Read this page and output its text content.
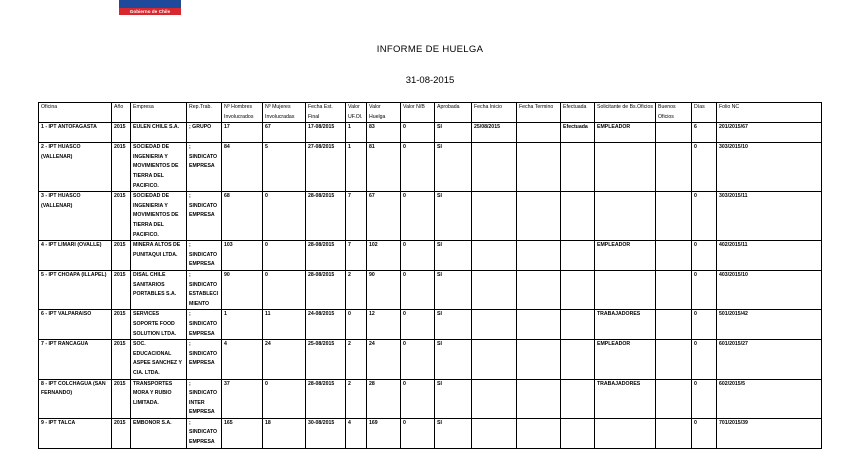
Gobierno de Chile
INFORME DE HUELGA
31-08-2015
Oficina	Año	Empresa	Rep.Trab.	Nº Hombres Involucrados	Nº Mujeres Involucradas	Fecha Est. Final	Valor UF.Ol.	Valor Huelga	Valor N/B	Aprobada	Fecha Inicio	Fecha Termino	Efectuada	Solicitante de Bs.Oficios	Buenos Oficios	Días	Folio NC
1 - IPT ANTOFAGASTA	2015	EULEN CHILE S.A.	; GRUPO	17	67	17-08/2015	1	83	0	SI	25/08/2015		Efectuada	EMPLEADOR		6	201/2015/67
2 - IPT HUASCO (VALLENAR)	2015	SOCIEDAD DE INGENIERIA Y MOVIMIENTOS DE TIERRA DEL PACIFICO.	; SINDICATO EMPRESA	84	5	27-08/2015	1	81	0	SI						0	303/2015/10
3 - IPT HUASCO (VALLENAR)	2015	SOCIEDAD DE INGENIERIA Y MOVIMIENTOS DE TIERRA DEL PACIFICO.	; SINDICATO EMPRESA	68	0	28-08/2015	7	67	0	SI						0	303/2015/11
4 - IPT LIMARI (OVALLE)	2015	MINERA ALTOS DE PUNITAQUI LTDA.	; SINDICATO EMPRESA	103	0	28-08/2015	7	102	0	SI				EMPLEADOR		0	402/2015/11
5 - IPT CHOAPA (ILLAPEL)	2015	DISAL CHILE SANITARIOS PORTABLES S.A.	; SINDICATO ESTABLECIMIENTO	90	0	28-08/2015	2	90	0	SI						0	403/2015/10
6 - IPT VALPARAISO	2015	SERVICES SOPORTE FOOD SOLUTION LTDA.	; SINDICATO EMPRESA	1	11	24-08/2015	0	12	0	SI				TRABAJADORES		0	501/2015/42
7 - IPT RANCAGUA	2015	SOC. EDUCACIONAL ASPEE SANCHEZ Y CIA. LTDA.	; SINDICATO EMPRESA	4	24	25-08/2015	2	24	0	SI				EMPLEADOR		0	601/2015/27
8 - IPT COLCHAGUA (SAN FERNANDO)	2015	TRANSPORTES MORA Y RUBIO LIMITADA.	; SINDICATO INTER EMPRESA	37	0	28-08/2015	2	28	0	SI				TRABAJADORES		0	602/2015/5
9 - IPT TALCA	2015	EMBONOR S.A.	; SINDICATO EMPRESA	165	18	30-08/2015	4	169	0	SI						0	701/2015/39
